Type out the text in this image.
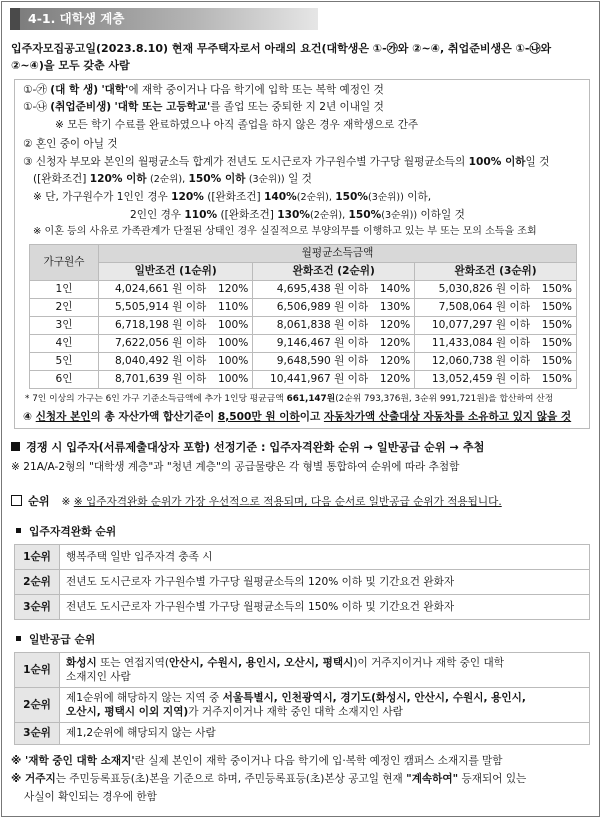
4-1. 대학생 계층
입주자모집공고일(2023.8.10) 현재 무주택자로서 아래의 요건(대학생은 ①-㉮와 ②~④, 취업준비생은 ①-㉯와
②~④)을 모두 갖춘 사람
①-㉮ (대 학 생) '대학'에 재학 중이거나 다음 학기에 입학 또는 복학 예정인 것
①-㉯ (취업준비생) '대학 또는 고등학교'를 졸업 또는 중퇴한 지 2년 이내일 것
※ 모든 학기 수료를 완료하였으나 아직 졸업을 하지 않은 경우 재학생으로 간주
② 혼인 중이 아닐 것
③ 신청자 부모와 본인의 월평균소득 합계가 전년도 도시근로자 가구원수별 가구당 월평균소득의 100% 이하일 것
([완화조건] 120% 이하 (2순위), 150% 이하 (3순위)) 일 것
※ 단, 가구원수가 1인인 경우 120% ([완화조건] 140%(2순위), 150%(3순위)) 이하,
2인인 경우 110% ([완화조건] 130%(2순위), 150%(3순위)) 이하일 것
※ 이혼 등의 사유로 가족관계가 단절된 상태인 경우 실질적으로 부양의무를 이행하고 있는 부 또는 모의 소득을 조회
가구원수	월평균소득금액					
	일반조건 (1순위)		완화조건 (2순위)		완화조건 (3순위)	
1인	4,024,661 원 이하	120%	4,695,438 원 이하	140%	5,030,826 원 이하	150%
2인	5,505,914 원 이하	110%	6,506,989 원 이하	130%	7,508,064 원 이하	150%
3인	6,718,198 원 이하	100%	8,061,838 원 이하	120%	10,077,297 원 이하	150%
4인	7,622,056 원 이하	100%	9,146,467 원 이하	120%	11,433,084 원 이하	150%
5인	8,040,492 원 이하	100%	9,648,590 원 이하	120%	12,060,738 원 이하	150%
6인	8,701,639 원 이하	100%	10,441,967 원 이하	120%	13,052,459 원 이하	150%
* 7인 이상의 가구는 6인 가구 기준소득금액에 추가 1인당 평균금액 661,147원(2순위 793,376원, 3순위 991,721원)을 합산하여 산정
④ 신청자 본인의 총 자산가액 합산기준이 8,500만 원 이하이고 자동차가액 산출대상 자동차를 소유하고 있지 않을 것
경쟁 시 입주자(서류제출대상자 포함) 선정기준 : 입주자격완화 순위 → 일반공급 순위 → 추첨
※ 21A/A-2형의 "대학생 계층"과 "청년 계층"의 공급물량은 각 형별 통합하여 순위에 따라 추첨함
순위 ※ ※ 입주자격완화 순위가 가장 우선적으로 적용되며, 다음 순서로 일반공급 순위가 적용됩니다.
입주자격완화 순위
1순위	행복주택 일반 입주자격 충족 시
2순위	전년도 도시근로자 가구원수별 가구당 월평균소득의 120% 이하 및 기간요건 완화자
3순위	전년도 도시근로자 가구원수별 가구당 월평균소득의 150% 이하 및 기간요건 완화자
일반공급 순위
1순위	화성시 또는 연접지역(안산시, 수원시, 용인시, 오산시, 평택시)이 거주지이거나 재학 중인 대학
소재지인 사람
2순위	제1순위에 해당하지 않는 지역 중 서울특별시, 인천광역시, 경기도(화성시, 안산시, 수원시, 용인시,
오산시, 평택시 이외 지역)가 거주지이거나 재학 중인 대학 소재지인 사람
3순위	제1,2순위에 해당되지 않는 사람
※ '재학 중인 대학 소재지'란 실제 본인이 재학 중이거나 다음 학기에 입·복학 예정인 캠퍼스 소재지를 말함
※ 거주지는 주민등록표등(초)본을 기준으로 하며, 주민등록표등(초)본상 공고일 현재 "계속하여" 등재되어 있는
사실이 확인되는 경우에 한함
